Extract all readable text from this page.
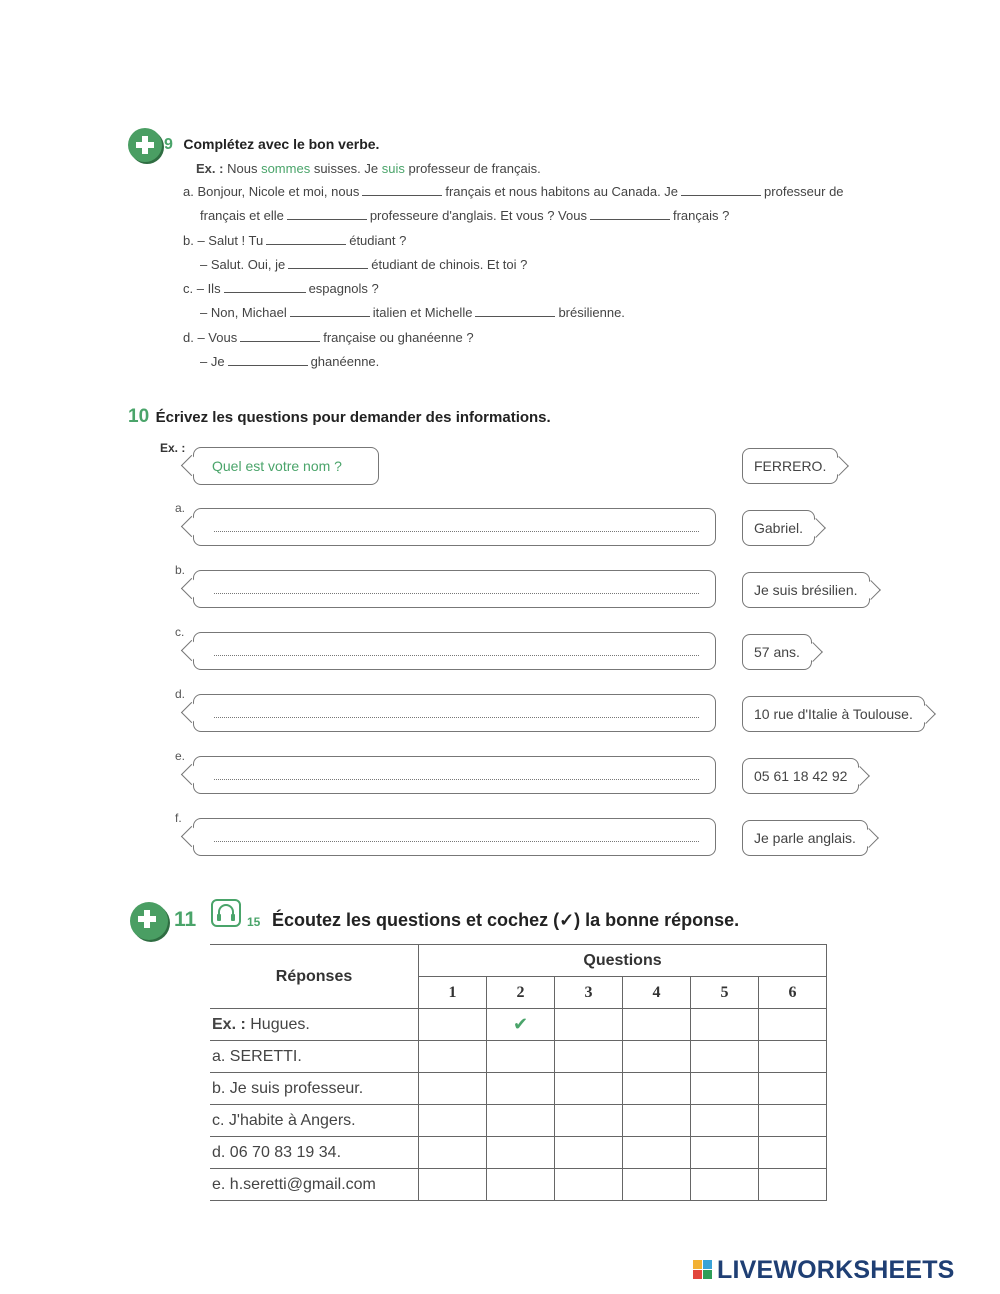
9 Complétez avec le bon verbe.
Ex. : Nous sommes suisses. Je suis professeur de français.
a. Bonjour, Nicole et moi, nous	français et nous habitons au Canada. Je	professeur de
français et elle	professeure d'anglais. Et vous ? Vous	français ?
b. – Salut ! Tu	étudiant ?
– Salut. Oui, je	étudiant de chinois. Et toi ?
c. – Ils	espagnols ?
– Non, Michael	italien et Michelle	brésilienne.
d. – Vous	française ou ghanéenne ?
– Je	ghanéenne.
10 Écrivez les questions pour demander des informations.
Ex. :
Quel est votre nom ?	FERRERO.
a.
Gabriel.
b.
Je suis brésilien.
c.
57 ans.
d.
10 rue d'Italie à Toulouse.
e.
05 61 18 42 92
f.
Je parle anglais.
11	15 Écoutez les questions et cochez (✓) la bonne réponse.
Réponses	Questions					
	1	2	3	4	5	6
Ex. : Hugues.		✔				
a. SERETTI.						
b. Je suis professeur.						
c. J'habite à Angers.						
d. 06 70 83 19 34.						
e. h.seretti@gmail.com						
LIVEWORKSHEETS
